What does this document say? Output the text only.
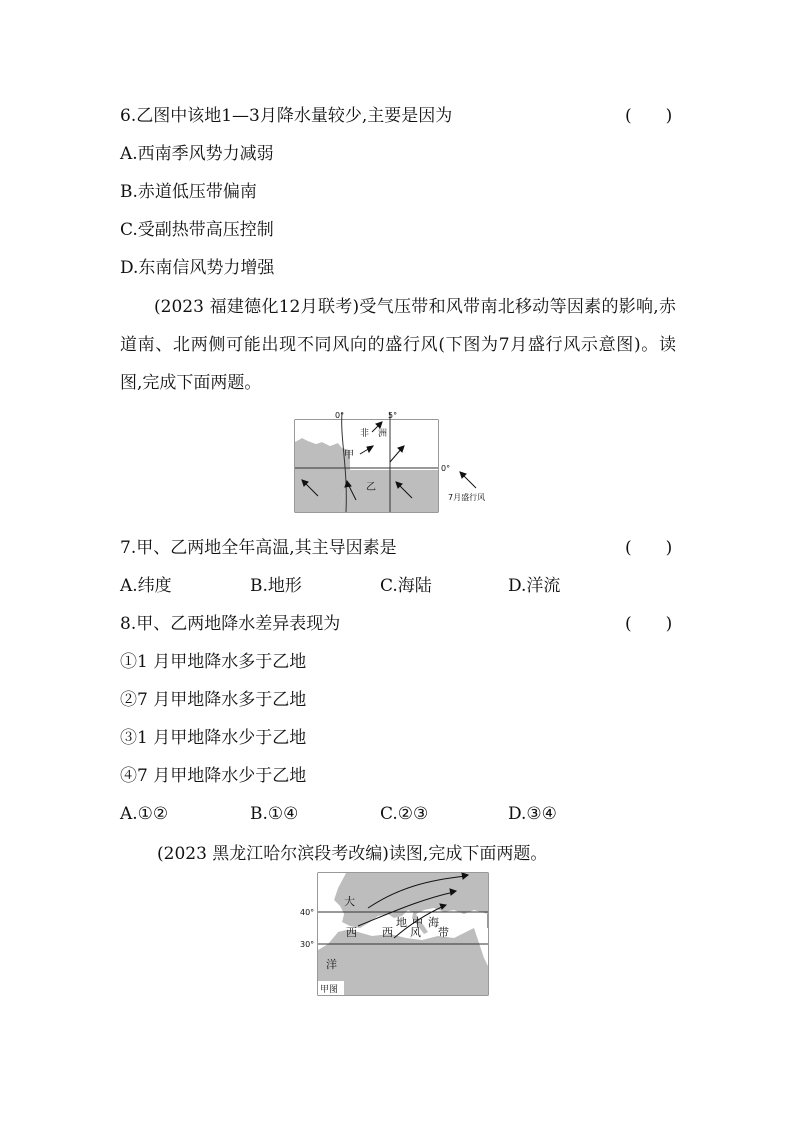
6.乙图中该地1—3月降水量较少,主要是因为	(　　)
A.西南季风势力减弱
B.赤道低压带偏南
C.受副热带高压控制
D.东南信风势力增强
(2023 福建德化12月联考)受气压带和风带南北移动等因素的影响,赤道南、北两侧可能出现不同风向的盛行风(下图为7月盛行风示意图)。读图,完成下面两题。
0°	5°
0°
非　洲
甲
乙
7月盛行风
7.甲、乙两地全年高温,其主导因素是	(　　)
A.纬度	B.地形	C.海陆	D.洋流
8.甲、乙两地降水差异表现为	(　　)
①1 月甲地降水多于乙地
②7 月甲地降水多于乙地
③1 月甲地降水少于乙地
④7 月甲地降水少于乙地
A.①②	B.①④	C.②③	D.③④
(2023 黑龙江哈尔滨段考改编)读图,完成下面两题。
40°
30°
大
西
洋
地 中 海
西 风 带
甲图
